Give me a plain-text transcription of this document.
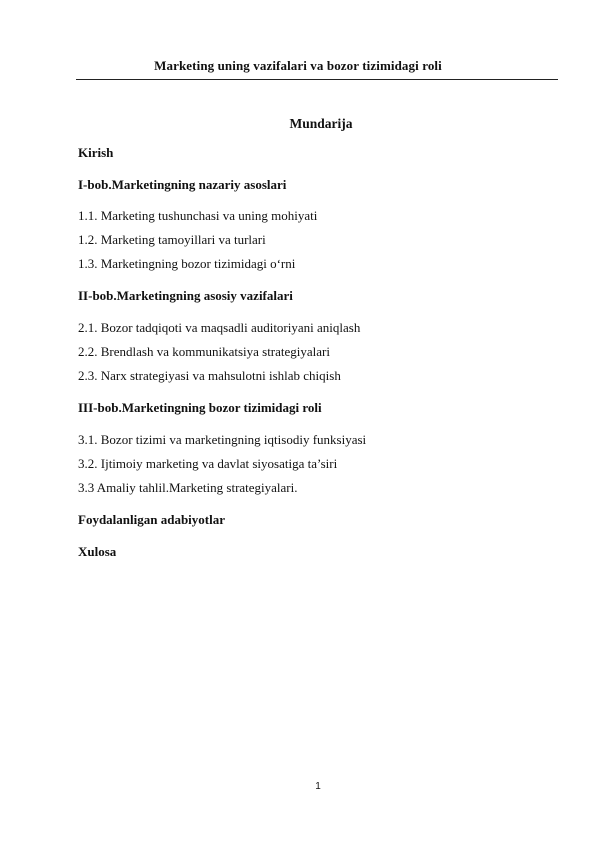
Marketing uning vazifalari va bozor tizimidagi roli
Mundarija
Kirish
I-bob.Marketingning nazariy asoslari
1.1. Marketing tushunchasi va uning mohiyati
1.2. Marketing tamoyillari va turlari
1.3. Marketingning bozor tizimidagi o‘rni
II-bob.Marketingning asosiy vazifalari
2.1. Bozor tadqiqoti va maqsadli auditoriyani aniqlash
2.2. Brendlash va kommunikatsiya strategiyalari
2.3. Narx strategiyasi va mahsulotni ishlab chiqish
III-bob.Marketingning bozor tizimidagi roli
3.1. Bozor tizimi va marketingning iqtisodiy funksiyasi
3.2. Ijtimoiy marketing va davlat siyosatiga ta’siri
3.3 Amaliy tahlil.Marketing strategiyalari.
Foydalanligan adabiyotlar
Xulosa
1
